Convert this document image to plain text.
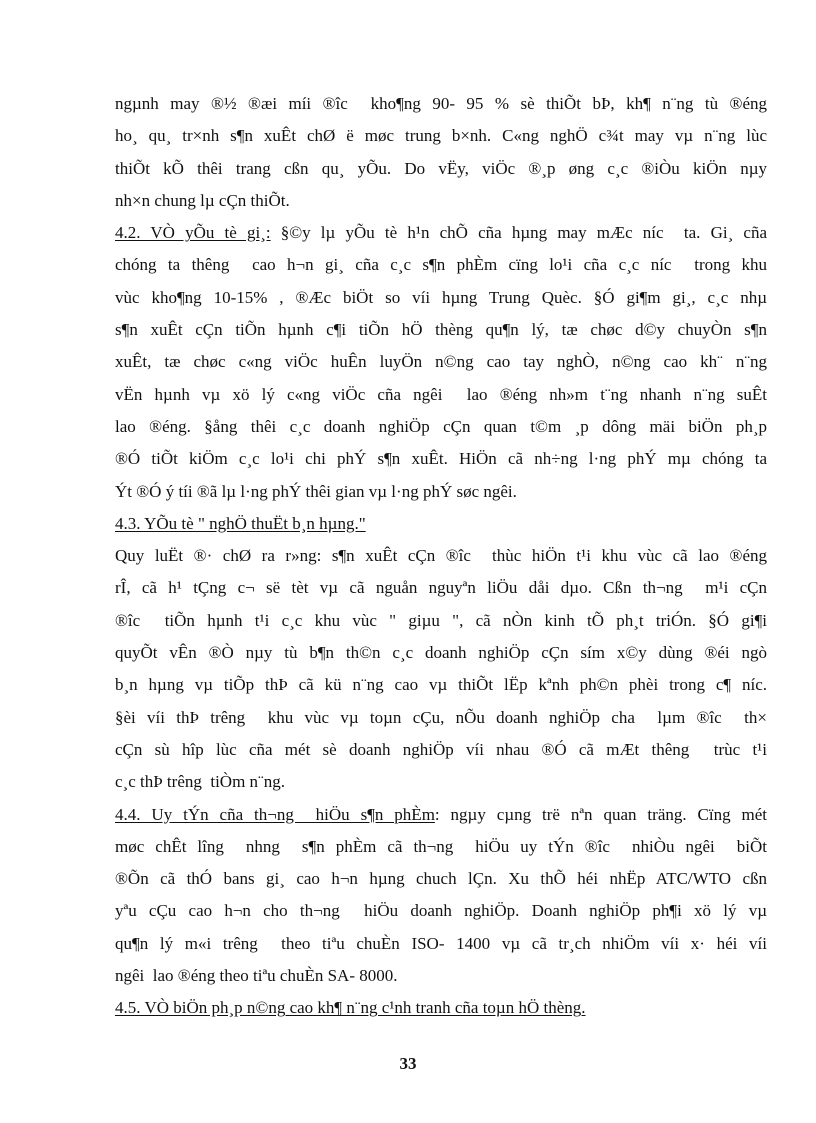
ngµnh may ®½ ®æi míi ®îc  kho¶ng 90- 95 % sè thiÕt bÞ, kh¶ n¨ng tù ®éng
ho¸ qu¸ tr×nh s¶n xuÊt chØ ë møc trung b×nh. C«ng nghÖ c¾t may vµ n¨ng lùc
thiÕt kÕ thêi trang cßn qu¸ yÕu. Do vËy, viÖc ®¸p øng c¸c ®iÒu kiÖn nµy
nh×n chung lµ cÇn thiÕt.
4.2. VÒ yÕu tè gi¸: §©y lµ yÕu tè h¹n chÕ cña hµng may mÆc níc  ta. Gi¸ cña
chóng ta thêng  cao h¬n gi¸ cña c¸c s¶n phÈm cïng lo¹i cña c¸c níc  trong khu
vùc kho¶ng 10-15% , ®Æc biÖt so víi hµng Trung Quèc. §Ó gi¶m gi¸, c¸c nhµ
s¶n xuÊt cÇn tiÕn hµnh c¶i tiÕn hÖ thèng qu¶n lý, tæ chøc d©y chuyÒn s¶n
xuÊt, tæ chøc c«ng viÖc huÊn luyÖn n©ng cao tay nghÒ, n©ng cao kh¨ n¨ng
vËn hµnh vµ xö lý c«ng viÖc cña ngêi  lao ®éng nh»m t¨ng nhanh n¨ng suÊt
lao ®éng. §ång thêi c¸c doanh nghiÖp cÇn quan t©m ¸p dông mäi biÖn ph¸p
®Ó tiÕt kiÖm c¸c lo¹i chi phÝ s¶n xuÊt. HiÖn cã nh÷ng l·ng phÝ mµ chóng ta
Ýt ®Ó ý tíi ®ã lµ l·ng phÝ thêi gian vµ l·ng phÝ søc ngêi.
4.3. YÕu tè " nghÖ thuËt b¸n hµng."
Quy luËt ®· chØ ra r»ng: s¶n xuÊt cÇn ®îc  thùc hiÖn t¹i khu vùc cã lao ®éng
rÎ, cã h¹ tÇng c¬ së tèt vµ cã nguån nguyªn liÖu dåi dµo. Cßn th¬ng  m¹i cÇn
®îc  tiÕn hµnh t¹i c¸c khu vùc " giµu ", cã nÒn kinh tÕ ph¸t triÓn. §Ó gi¶i
quyÕt vÊn ®Ò nµy tù b¶n th©n c¸c doanh nghiÖp cÇn sím x©y dùng ®éi ngò
b¸n hµng vµ tiÕp thÞ cã kü n¨ng cao vµ thiÕt lËp kªnh ph©n phèi trong c¶ níc.
§èi víi thÞ trêng  khu vùc vµ toµn cÇu, nÕu doanh nghiÖp cha  lµm ®îc  th×
cÇn sù hîp lùc cña mét sè doanh nghiÖp víi nhau ®Ó cã mÆt thêng  trùc t¹i
c¸c thÞ trêng  tiÒm n¨ng.
4.4. Uy tÝn cña th¬ng  hiÖu s¶n phÈm: ngµy cµng trë nªn quan träng. Cïng mét
møc chÊt lîng  nhng  s¶n phÈm cã th¬ng  hiÖu uy tÝn ®îc  nhiÒu ngêi  biÕt
®Õn cã thÓ bans gi¸ cao h¬n hµng chuch lÇn. Xu thÕ héi nhËp ATC/WTO cßn
yªu cÇu cao h¬n cho th¬ng  hiÖu doanh nghiÖp. Doanh nghiÖp ph¶i xö lý vµ
qu¶n lý m«i trêng  theo tiªu chuÈn ISO- 1400 vµ cã tr¸ch nhiÖm víi x· héi víi
ngêi  lao ®éng theo tiªu chuÈn SA- 8000.
4.5. VÒ biÖn ph¸p n©ng cao kh¶ n¨ng c¹nh tranh cña toµn hÖ thèng.
33
